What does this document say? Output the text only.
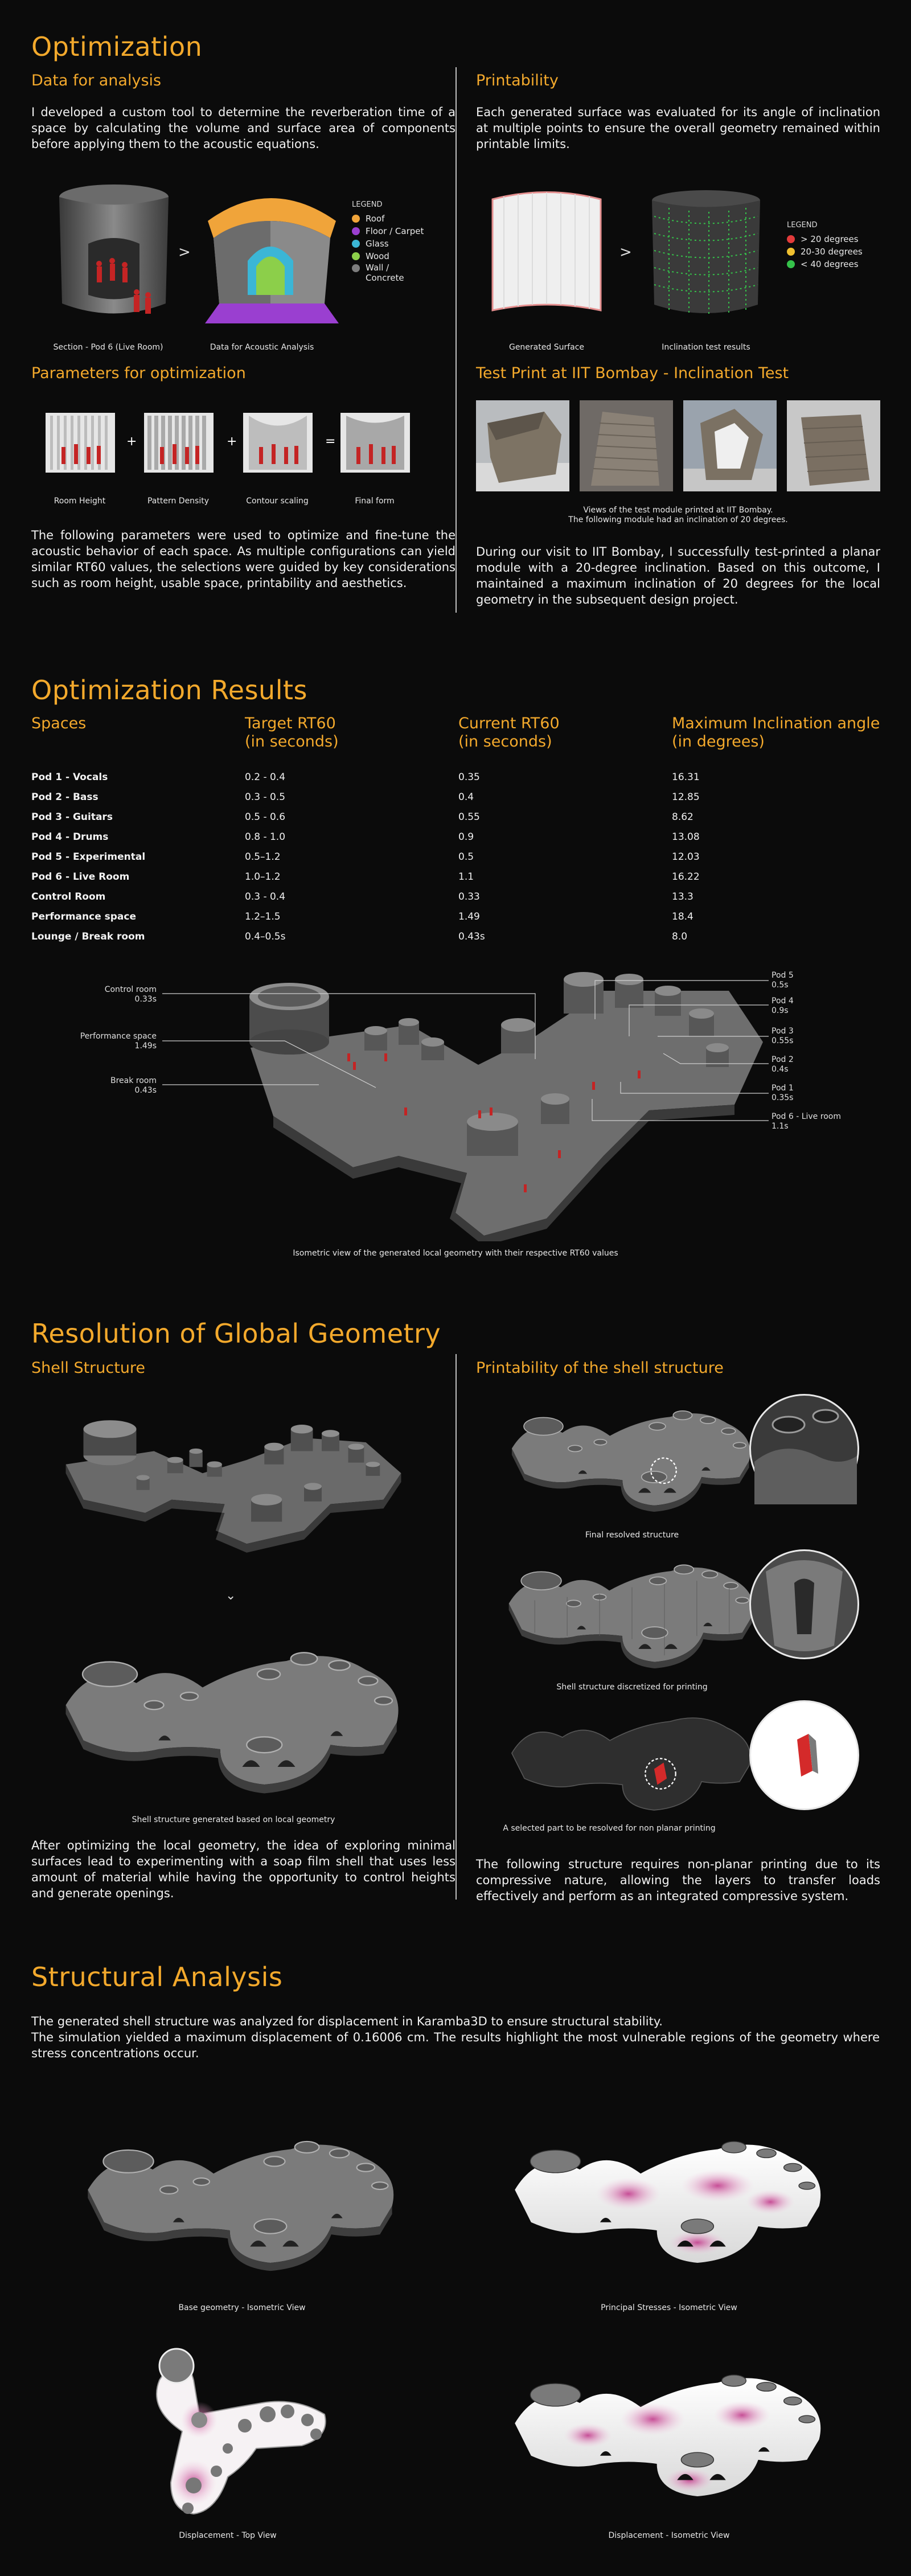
Optimization
Data for analysis

I developed a custom tool to determine the reverberation time of a space by calculating the volume and surface area of components before applying them to the acoustic equations.

>
LEGEND
Roof
Floor / Carpet
Glass
Wood
Wall / Concrete
Section - Pod 6 (Live Room)	Data for Acoustic Analysis
Parameters for optimization
+	+	=
Room Height	Pattern Density	Contour scaling	Final form

The following parameters were used to optimize and fine-tune the acoustic behavior of each space. As multiple configurations can yield similar RT60 values, the selections were guided by key considerations such as room height, usable space, printability and aesthetics.

Printability

Each generated surface was evaluated for its angle of inclination at multiple points to ensure the overall geometry remained within printable limits.

>
LEGEND
> 20 degrees
20-30 degrees
< 40 degrees
Generated Surface	Inclination test results
Test Print at IIT Bombay - Inclination Test
Views of the test module printed at IIT Bombay.
The following module had an inclination of 20 degrees.

During our visit to IIT Bombay, I successfully test-printed a planar module with a 20-degree inclination. Based on this outcome, I maintained a maximum inclination of 20 degrees for the local geometry in the subsequent design project.

Optimization Results
Spaces	Target RT60
(in seconds)	Current RT60
(in seconds)	Maximum Inclination angle
(in degrees)
Pod 1 - Vocals	0.2 - 0.4	0.35	16.31
Pod 2 - Bass	0.3 - 0.5	0.4	12.85
Pod 3 - Guitars	0.5 - 0.6	0.55	8.62
Pod 4 - Drums	0.8 - 1.0	0.9	13.08
Pod 5 - Experimental	0.5–1.2	0.5	12.03
Pod 6 - Live Room	1.0–1.2	1.1	16.22
Control Room	0.3 - 0.4	0.33	13.3
Performance space	1.2–1.5	1.49	18.4
Lounge / Break room	0.4–0.5s	0.43s	8.0
Control room
0.33s
Performance space
1.49s
Break room
0.43s
Pod 5
0.5s
Pod 4
0.9s
Pod 3
0.55s
Pod 2
0.4s
Pod 1
0.35s
Pod 6 - Live room
1.1s
Isometric view of the generated local geometry with their respective RT60 values
Resolution of Global Geometry
Shell Structure
⌄
Shell structure generated based on local geometry

After optimizing the local geometry, the idea of exploring minimal surfaces lead to experimenting with a soap film shell that uses less amount of material while having the opportunity to control heights and generate openings.

Printability of the shell structure
Final resolved structure
Shell structure discretized for printing
A selected part to be resolved for non planar printing

The following structure requires non-planar printing due to its compressive nature, allowing the layers to transfer loads effectively and perform as an integrated compressive system.

Structural Analysis

The generated shell structure was analyzed for displacement in Karamba3D to ensure structural stability.

The simulation yielded a maximum displacement of 0.16006 cm. The results highlight the most vulnerable regions of the geometry where stress concentrations occur.

Base geometry - Isometric View	Principal Stresses - Isometric View
Displacement - Top View	Displacement - Isometric View
